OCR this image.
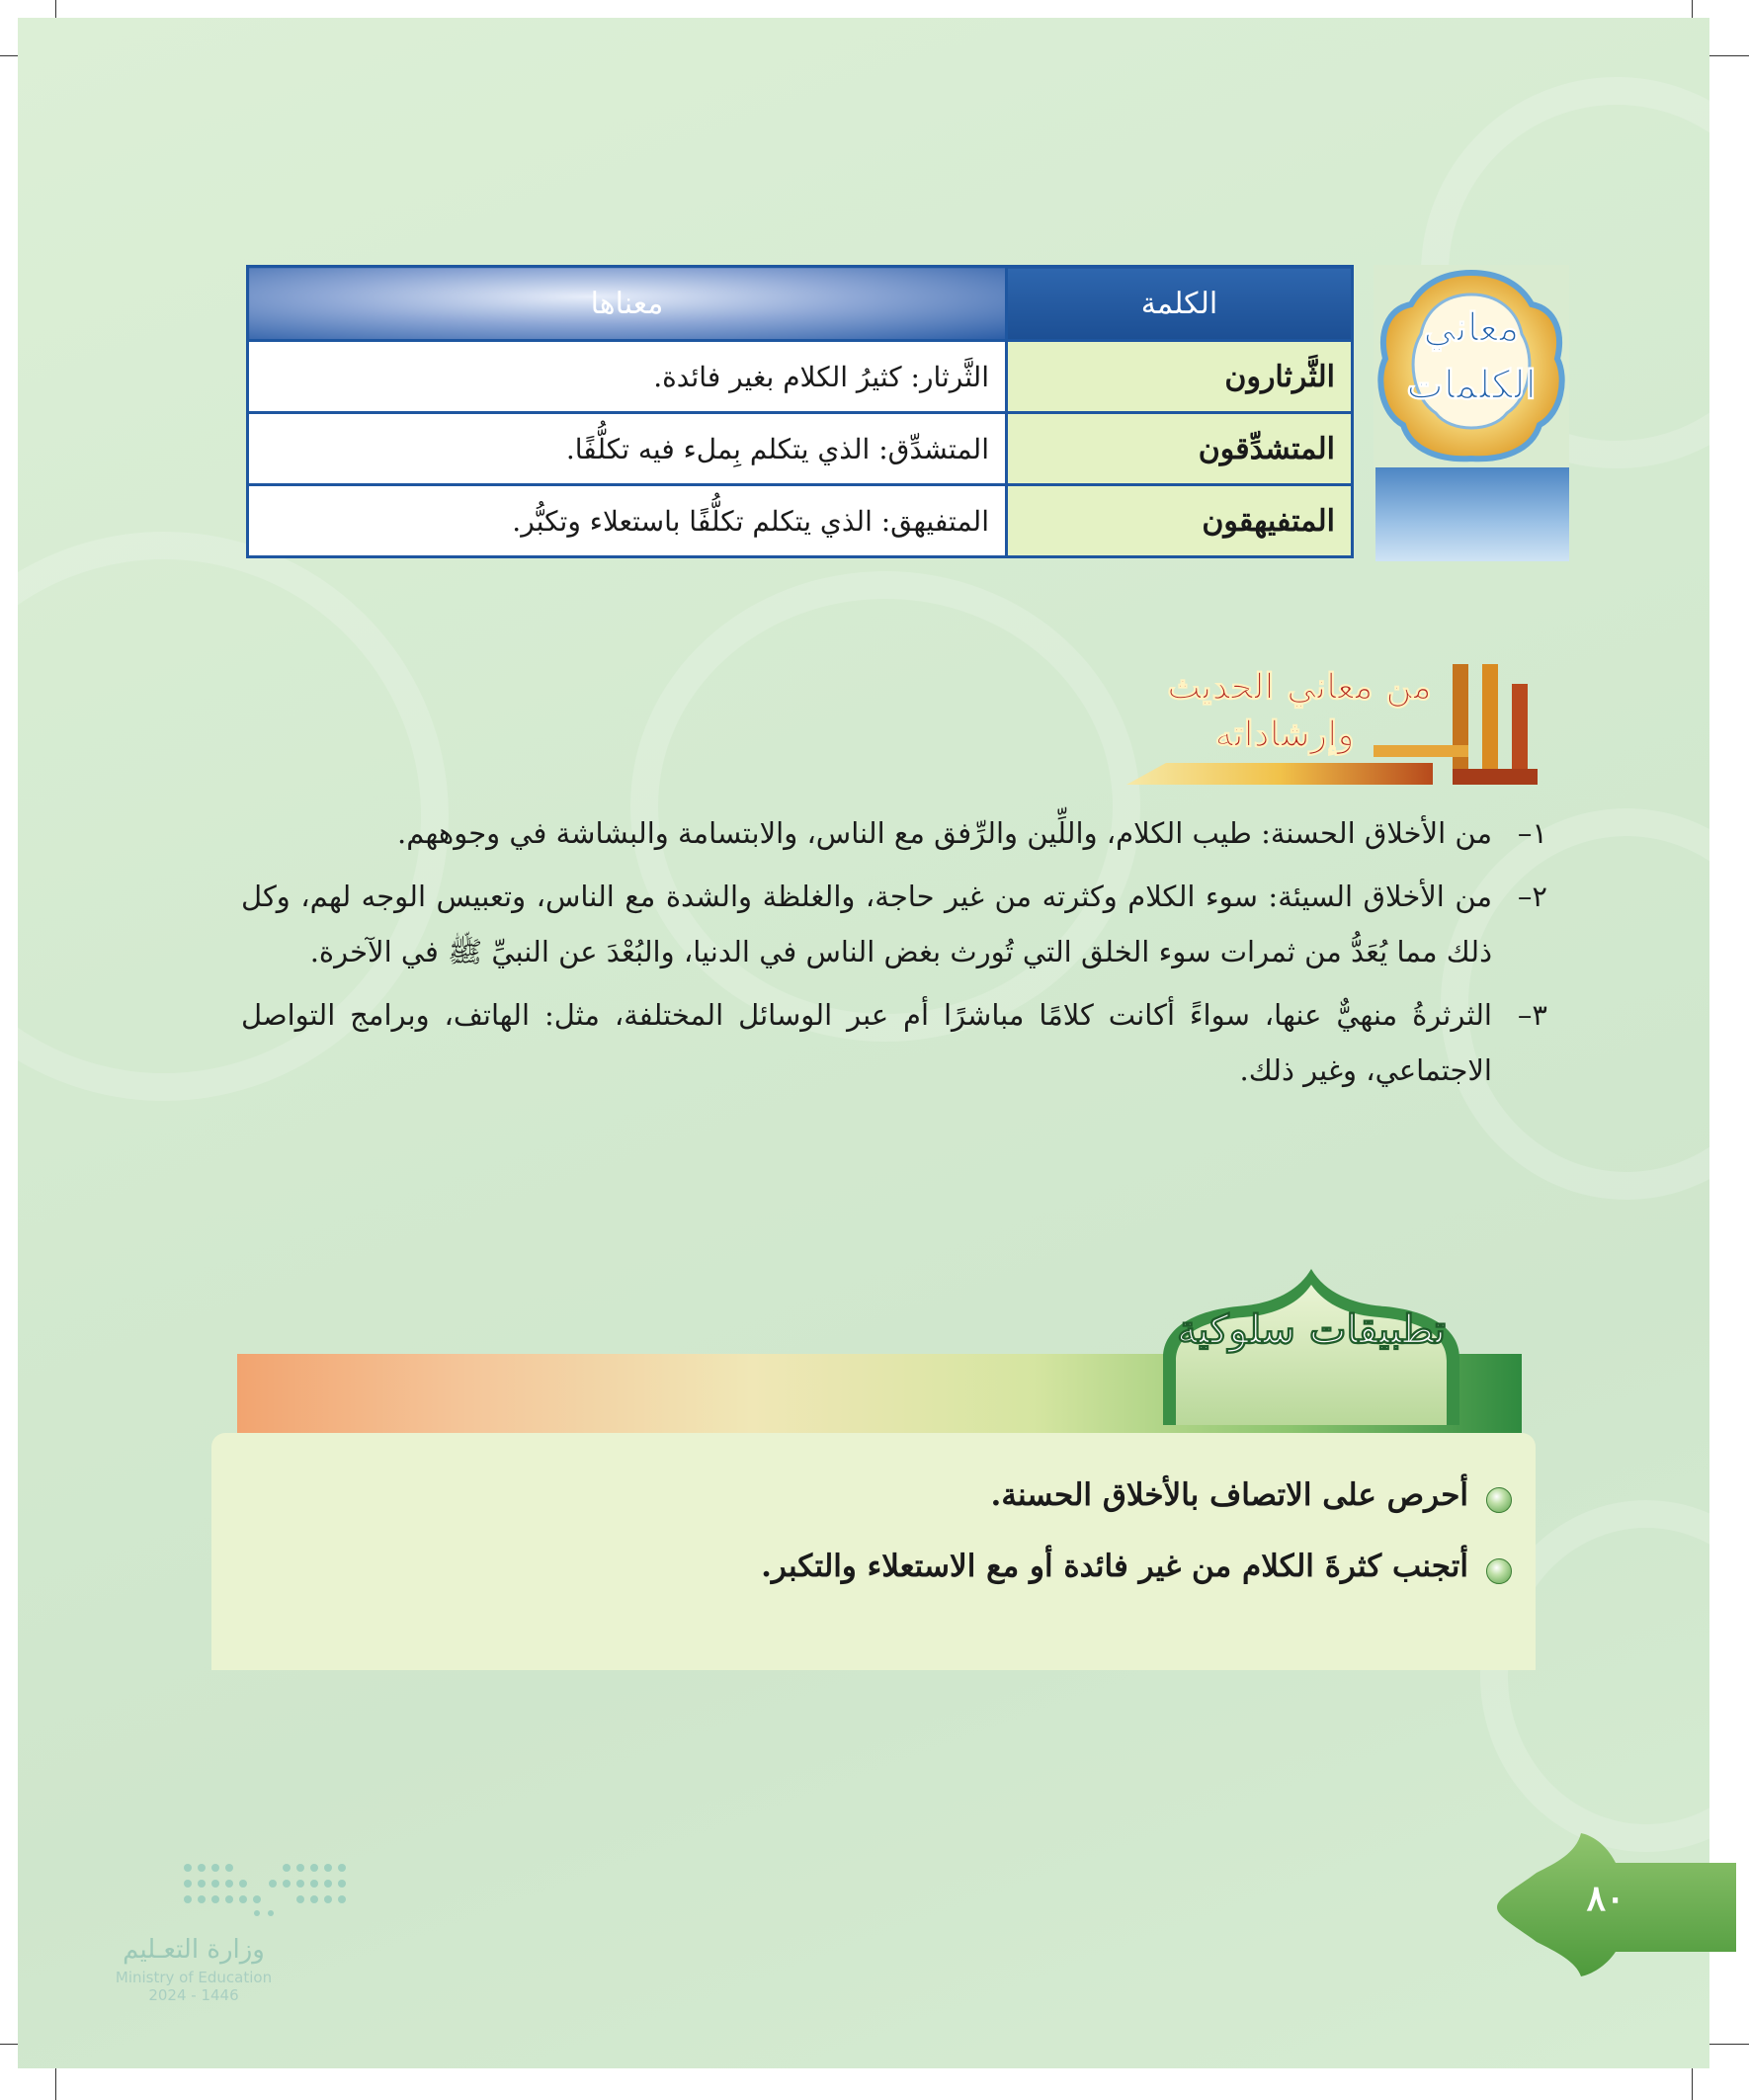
معاني
الكلمات
الكلمة	معناها
الثَّرثارون	الثَّرثار: كثيرُ الكلام بغير فائدة.
المتشدِّقون	المتشدِّق: الذي يتكلم بِملء فيه تكلُّفًا.
المتفيهقون	المتفيهق: الذي يتكلم تكلُّفًا باستعلاء وتكبُّر.
من معاني الحديث
وإرشاداته

١–
من الأخلاق الحسنة: طيب الكلام، واللِّين والرِّفق مع الناس، والابتسامة والبشاشة في وجوههم.

٢–
من الأخلاق السيئة: سوء الكلام وكثرته من غير حاجة، والغلظة والشدة مع الناس، وتعبيس الوجه لهم، وكل ذلك مما يُعَدُّ من ثمرات سوء الخلق التي تُورث بغض الناس في الدنيا، والبُعْدَ عن النبيِّ ﷺ في الآخرة.

٣–
الثرثرةُ منهيٌّ عنها، سواءً أكانت كلامًا مباشرًا أم عبر الوسائل المختلفة، مثل: الهاتف، وبرامج التواصل الاجتماعي، وغير ذلك.

تطبيقات سلوكية
أحرص على الاتصاف بالأخلاق الحسنة.
أتجنب كثرةَ الكلام من غير فائدة أو مع الاستعلاء والتكبر.
٨٠
وزارة التعـليم
Ministry of Education
2024 - 1446
